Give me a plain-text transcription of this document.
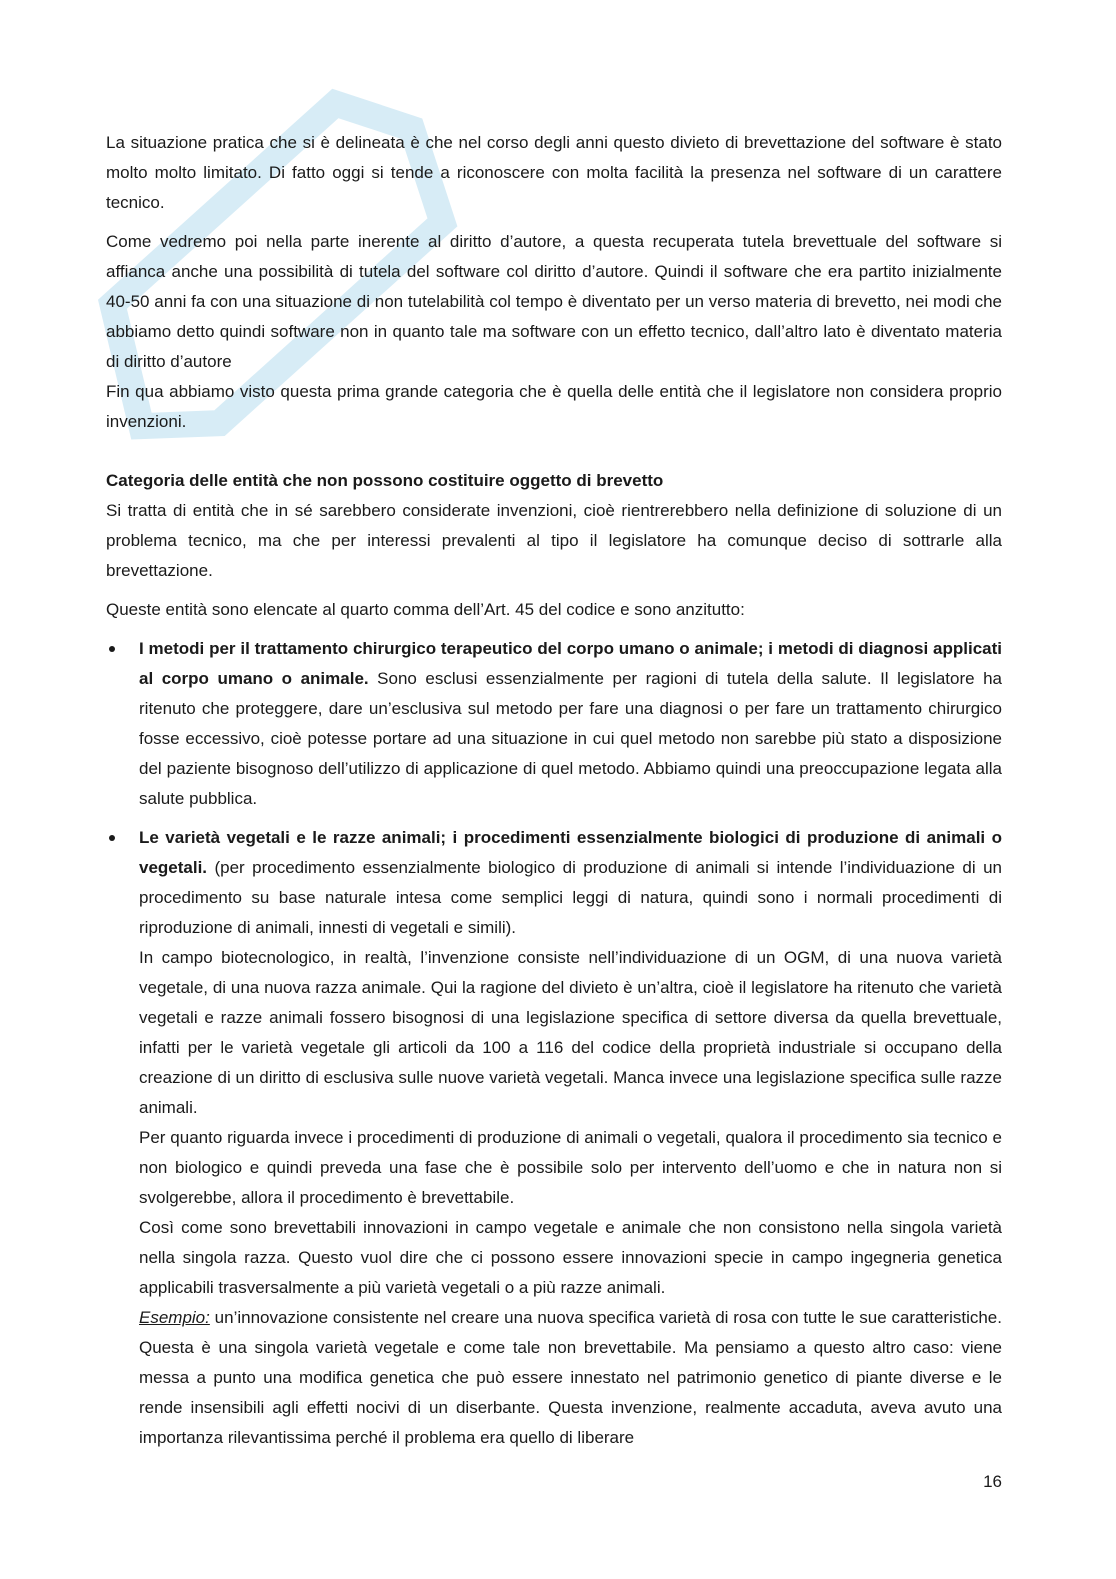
La situazione pratica che si è delineata è che nel corso degli anni questo divieto di brevettazione del software è stato molto molto limitato. Di fatto oggi si tende a riconoscere con molta facilità la presenza nel software di un carattere tecnico.

Come vedremo poi nella parte inerente al diritto d’autore, a questa recuperata tutela brevettuale del software si affianca anche una possibilità di tutela del software col diritto d’autore. Quindi il software che era partito inizialmente 40-50 anni fa con una situazione di non tutelabilità col tempo è diventato per un verso materia di brevetto, nei modi che abbiamo detto quindi software non in quanto tale ma software con un effetto tecnico, dall’altro lato è diventato materia di diritto d’autore

Fin qua abbiamo visto questa prima grande categoria che è quella delle entità che il legislatore non considera proprio invenzioni.

Categoria delle entità che non possono costituire oggetto di brevetto

Si tratta di entità che in sé sarebbero considerate invenzioni, cioè rientrerebbero nella definizione di soluzione di un problema tecnico, ma che per interessi prevalenti al tipo il legislatore ha comunque deciso di sottrarle alla brevettazione.

Queste entità sono elencate al quarto comma dell’Art. 45 del codice e sono anzitutto:

I metodi per il trattamento chirurgico terapeutico del corpo umano o animale; i metodi di diagnosi applicati al corpo umano o animale. Sono esclusi essenzialmente per ragioni di tutela della salute. Il legislatore ha ritenuto che proteggere, dare un’esclusiva sul metodo per fare una diagnosi o per fare un trattamento chirurgico fosse eccessivo, cioè potesse portare ad una situazione in cui quel metodo non sarebbe più stato a disposizione del paziente bisognoso dell’utilizzo di applicazione di quel metodo. Abbiamo quindi una preoccupazione legata alla salute pubblica.

Le varietà vegetali e le razze animali; i procedimenti essenzialmente biologici di produzione di animali o vegetali. (per procedimento essenzialmente biologico di produzione di animali si intende l’individuazione di un procedimento su base naturale intesa come semplici leggi di natura, quindi sono i normali procedimenti di riproduzione di animali, innesti di vegetali e simili).

In campo biotecnologico, in realtà, l’invenzione consiste nell’individuazione di un OGM, di una nuova varietà vegetale, di una nuova razza animale. Qui la ragione del divieto è un’altra, cioè il legislatore ha ritenuto che varietà vegetali e razze animali fossero bisognosi di una legislazione specifica di settore diversa da quella brevettuale, infatti per le varietà vegetale gli articoli da 100 a 116 del codice della proprietà industriale si occupano della creazione di un diritto di esclusiva sulle nuove varietà vegetali. Manca invece una legislazione specifica sulle razze animali.

Per quanto riguarda invece i procedimenti di produzione di animali o vegetali, qualora il procedimento sia tecnico e non biologico e quindi preveda una fase che è possibile solo per intervento dell’uomo e che in natura non si svolgerebbe, allora il procedimento è brevettabile.

Così come sono brevettabili innovazioni in campo vegetale e animale che non consistono nella singola varietà nella singola razza. Questo vuol dire che ci possono essere innovazioni specie in campo ingegneria genetica applicabili trasversalmente a più varietà vegetali o a più razze animali.

Esempio: un’innovazione consistente nel creare una nuova specifica varietà di rosa con tutte le sue caratteristiche. Questa è una singola varietà vegetale e come tale non brevettabile. Ma pensiamo a questo altro caso: viene messa a punto una modifica genetica che può essere innestato nel patrimonio genetico di piante diverse e le rende insensibili agli effetti nocivi di un diserbante. Questa invenzione, realmente accaduta, aveva avuto una importanza rilevantissima perché il problema era quello di liberare

16
